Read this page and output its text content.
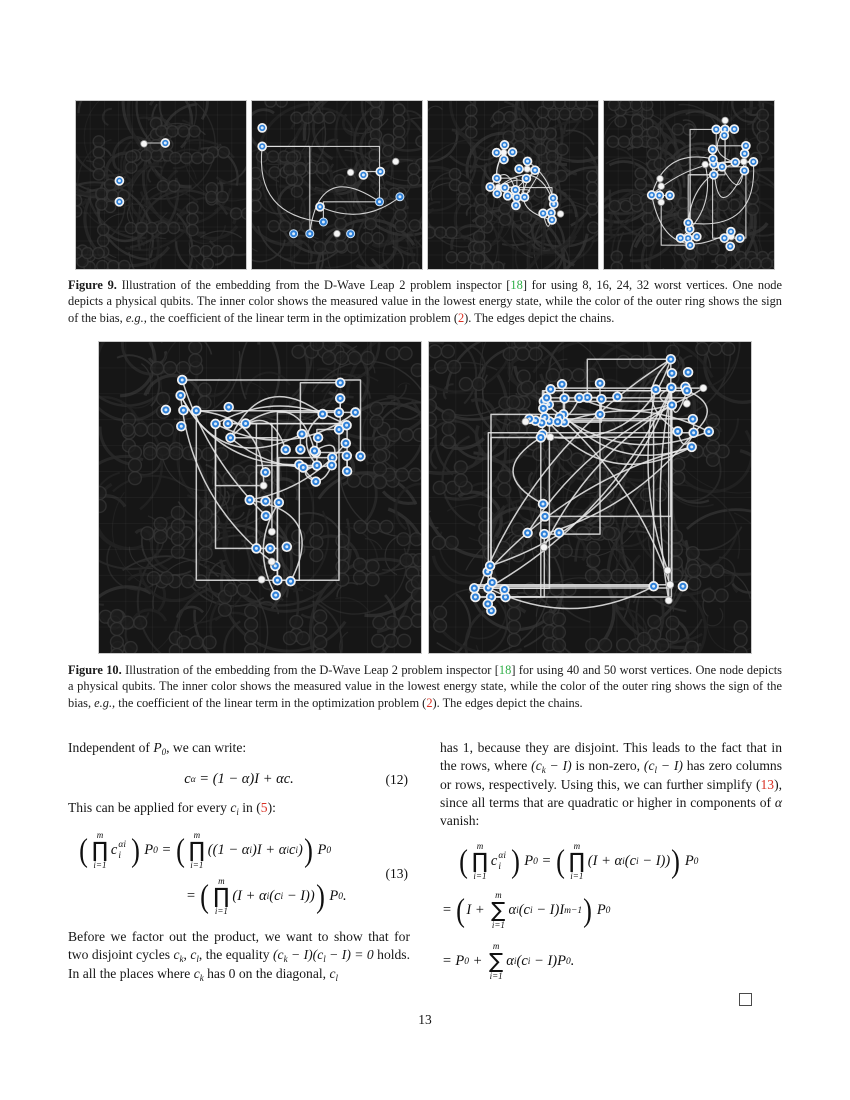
Figure 9. Illustration of the embedding from the D-Wave Leap 2 problem inspector [18] for using 8, 16, 24, 32 worst vertices. One node depicts a physical qubits. The inner color shows the measured value in the lowest energy state, while the color of the outer ring shows the sign of the bias, e.g., the coefficient of the linear term in the optimization problem (2). The edges depict the chains.
Figure 10. Illustration of the embedding from the D-Wave Leap 2 problem inspector [18] for using 40 and 50 worst vertices. One node depicts a physical qubits. The inner color shows the measured value in the lowest energy state, while the color of the outer ring shows the sign of the bias, e.g., the coefficient of the linear term in the optimization problem (2). The edges depict the chains.

Independent of $P_0$, we can write:

c α = (1 − α)I + αc.	(12)

This can be applied for every $c_i$ in (5):

( m
∏
i=1
c αi
i
) P 0 = ( m
∏
i=1
((1 − α i )I + α i c i ) ) P 0
= ( m
∏
i=1
(I + α i (c i − I)) ) P 0 .
(13)

Before we factor out the product, we want to show that for two disjoint cycles $c_k$, $c_l$, the equality $(c_k - I)(c_l - I) = 0$ holds. In all the places where $c_k$ has 0 on the diagonal, $c_l$

has 1, because they are disjoint. This leads to the fact that in the rows, where $(c_k - I)$ is non-zero, $(c_l - I)$ has zero columns or rows, respectively. Using this, we can further simplify (13), since all terms that are quadratic or higher in components of α vanish:

( m
∏
i=1
c αi
i
) P 0 = ( m
∏
i=1
(I + α i (c i − I)) ) P 0
= ( I +
m
∑
i=1
α i (c i − I)I m−1 ) P 0
= P 0 +
m
∑
i=1
α i (c i − I)P 0 .
13
